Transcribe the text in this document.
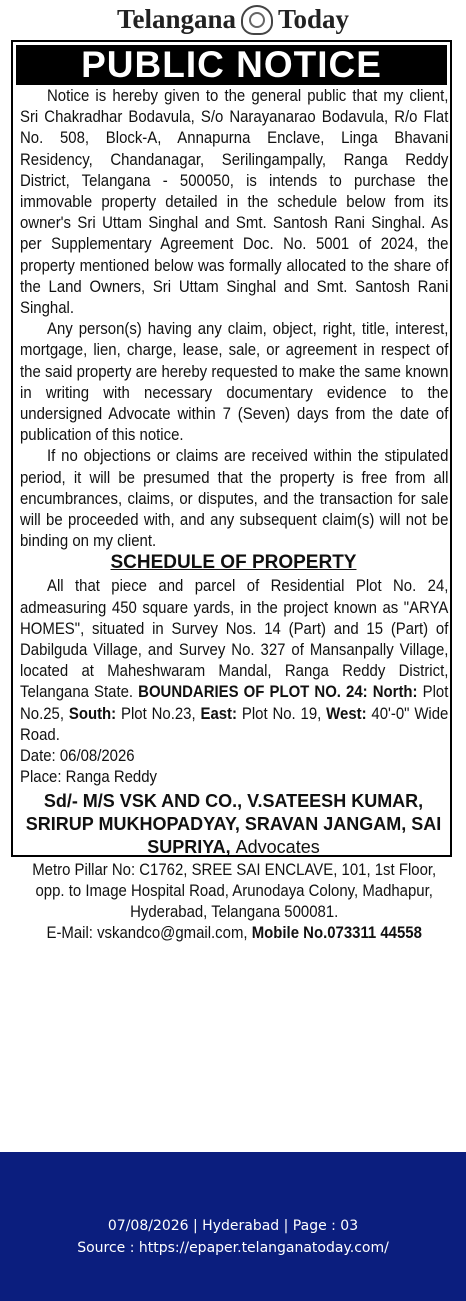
Telangana Today
PUBLIC NOTICE

Notice is hereby given to the general public that my client, Sri Chakradhar Bodavula, S/o Narayanarao Bodavula, R/o Flat No. 508, Block-A, Annapurna Enclave, Linga Bhavani Residency, Chandanagar, Serilingampally, Ranga Reddy District, Telangana - 500050, is intends to purchase the immovable property detailed in the schedule below from its owner's Sri Uttam Singhal and Smt. Santosh Rani Singhal. As per Supplementary Agreement Doc. No. 5001 of 2024, the property mentioned below was formally allocated to the share of the Land Owners, Sri Uttam Singhal and Smt. Santosh Rani Singhal.

Any person(s) having any claim, object, right, title, interest, mortgage, lien, charge, lease, sale, or agreement in respect of the said property are hereby requested to make the same known in writing with necessary documentary evidence to the undersigned Advocate within 7 (Seven) days from the date of publication of this notice.

If no objections or claims are received within the stipulated period, it will be presumed that the property is free from all encumbrances, claims, or disputes, and the transaction for sale will be proceeded with, and any subsequent claim(s) will not be binding on my client.

SCHEDULE OF PROPERTY

All that piece and parcel of Residential Plot No. 24, admeasuring 450 square yards, in the project known as "ARYA HOMES", situated in Survey Nos. 14 (Part) and 15 (Part) of Dabilguda Village, and Survey No. 327 of Mansanpally Village, located at Maheshwaram Mandal, Ranga Reddy District, Telangana State. BOUNDARIES OF PLOT NO. 24: North: Plot No.25, South: Plot No.23, East: Plot No. 19, West: 40'-0" Wide Road.

Date: 06/08/2026

Place: Ranga Reddy

Sd/- M/S VSK AND CO., V.SATEESH KUMAR, SRIRUP MUKHOPADYAY, SRAVAN JANGAM, SAI SUPRIYA, Advocates

Metro Pillar No: C1762, SREE SAI ENCLAVE, 101, 1st Floor, opp. to Image Hospital Road, Arunodaya Colony, Madhapur, Hyderabad, Telangana 500081.

E-Mail: vskandco@gmail.com, Mobile No.073311 44558

07/08/2026 | Hyderabad | Page : 03
Source : https://epaper.telanganatoday.com/
